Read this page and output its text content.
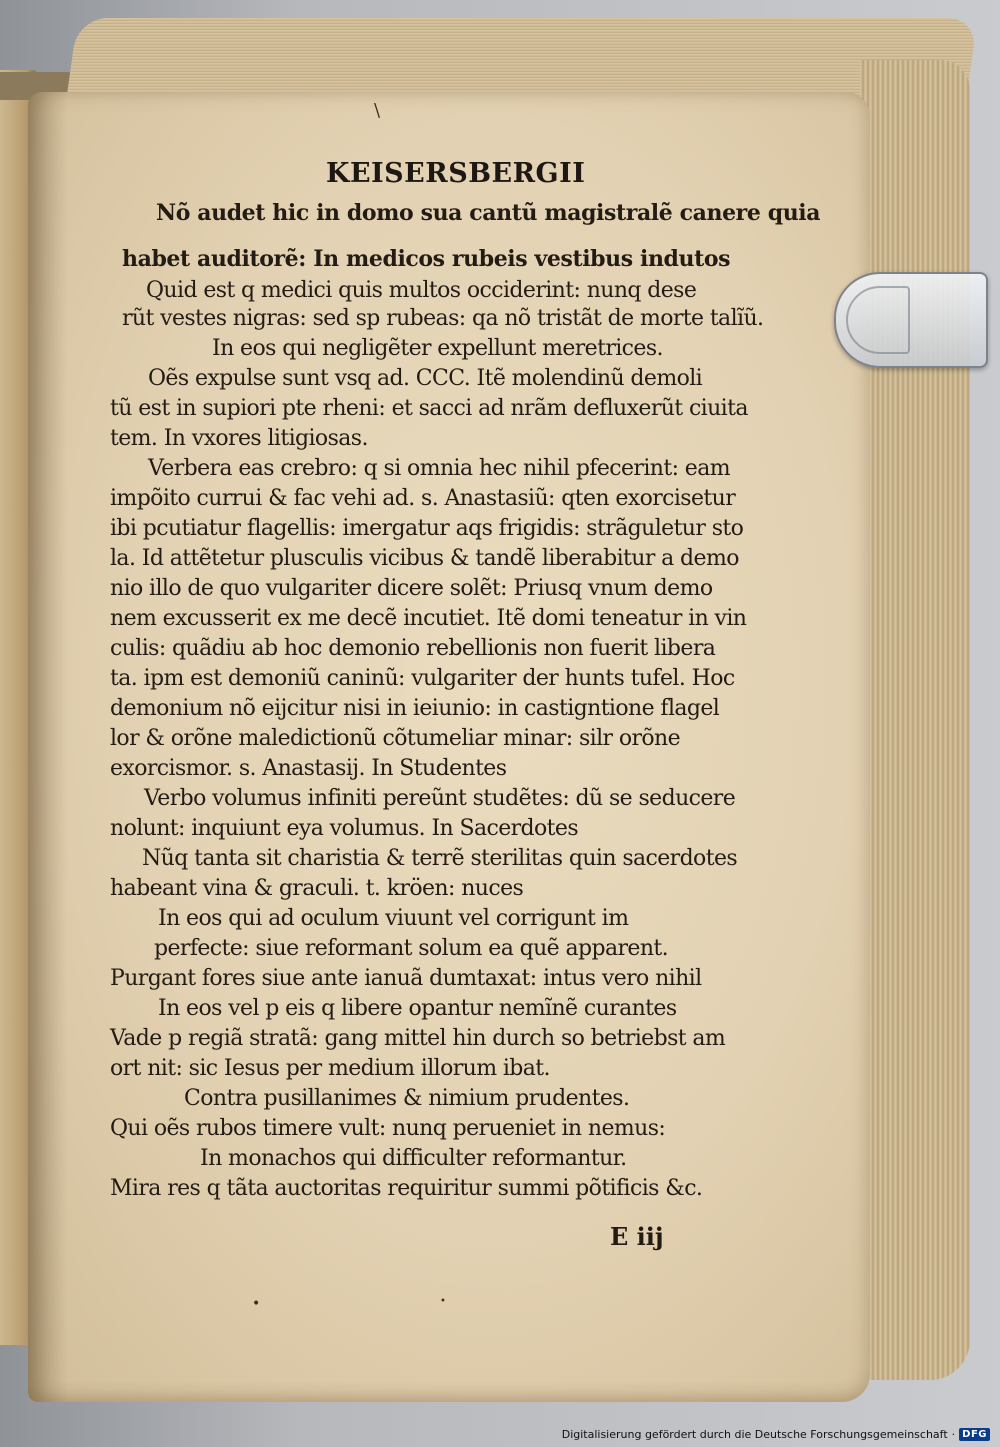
\
•	•
KEISERSBERGII
Nõ audet hic in domo sua cantũ magistralẽ canere quia
habet auditorẽ: In medicos rubeis vestibus indutos
Quid est q medici quis multos occiderint: nunq dese
rũt vestes nigras: sed sp rubeas: qa nõ tristãt de morte talĩũ.
In eos qui negligẽter expellunt meretrices.
Oẽs expulse sunt vsq ad. CCC. Itẽ molendinũ demoli
tũ est in supiori pte rheni: et sacci ad nrãm defluxerũt ciuita
tem. In vxores litigiosas.
Verbera eas crebro: q si omnia hec nihil pfecerint: eam
impõito currui & fac vehi ad. s. Anastasiũ: qten exorcisetur
ibi pcutiatur flagellis: imergatur aqs frigidis: strãguletur sto
la. Id attẽtetur plusculis vicibus & tandẽ liberabitur a demo
nio illo de quo vulgariter dicere solẽt: Priusq vnum demo
nem excusserit ex me decẽ incutiet. Itẽ domi teneatur in vin
culis: quãdiu ab hoc demonio rebellionis non fuerit libera
ta. ipm est demoniũ caninũ: vulgariter der hunts tufel. Hoc
demonium nõ eijcitur nisi in ieiunio: in castigntione flagel
lor & orõne maledictionũ cõtumeliar minar: silr orõne
exorcismor. s. Anastasij. In Studentes
Verbo volumus infiniti pereũnt studẽtes: dũ se seducere
nolunt: inquiunt eya volumus. In Sacerdotes
Nũq tanta sit charistia & terrẽ sterilitas quin sacerdotes
habeant vina & graculi. t. kröen: nuces
In eos qui ad oculum viuunt vel corrigunt im
perfecte: siue reformant solum ea quẽ apparent.
Purgant fores siue ante ianuã dumtaxat: intus vero nihil
In eos vel p eis q libere opantur nemĩnẽ curantes
Vade p regiã stratã: gang mittel hin durch so betriebst am
ort nit: sic Iesus per medium illorum ibat.
Contra pusillanimes & nimium prudentes.
Qui oẽs rubos timere vult: nunq perueniet in nemus:
In monachos qui difficulter reformantur.
Mira res q tãta auctoritas requiritur summi põtificis &c.
E iij
Digitalisierung gefördert durch die Deutsche Forschungsgemeinschaft · DFG
